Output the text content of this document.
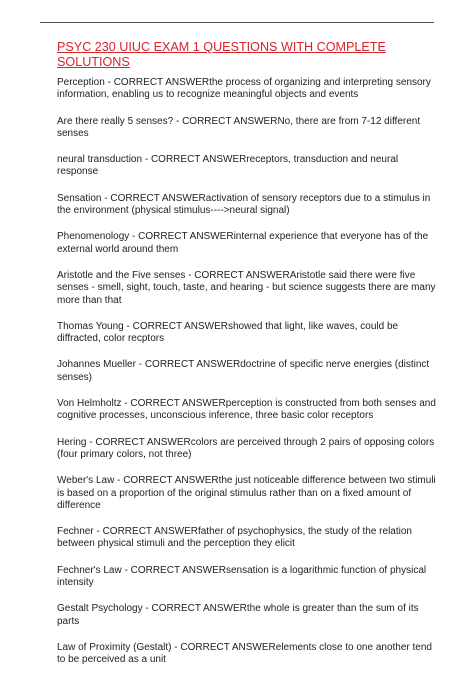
PSYC 230 UIUC EXAM 1 QUESTIONS WITH COMPLETE SOLUTIONS
Perception - CORRECT ANSWERthe process of organizing and interpreting sensory information, enabling us to recognize meaningful objects and events
Are there really 5 senses? - CORRECT ANSWERNo, there are from 7-12 different senses
neural transduction - CORRECT ANSWERreceptors, transduction and neural response
Sensation - CORRECT ANSWERactivation of sensory receptors due to a stimulus in the environment (physical stimulus---->neural signal)
Phenomenology - CORRECT ANSWERinternal experience that everyone has of the external world around them
Aristotle and the Five senses - CORRECT ANSWERAristotle said there were five senses - smell, sight, touch, taste, and hearing - but science suggests there are many more than that
Thomas Young - CORRECT ANSWERshowed that light, like waves, could be diffracted, color recptors
Johannes Mueller - CORRECT ANSWERdoctrine of specific nerve energies (distinct senses)
Von Helmholtz - CORRECT ANSWERperception is constructed from both senses and cognitive processes, unconscious inference, three basic color receptors
Hering - CORRECT ANSWERcolors are perceived through 2 pairs of opposing colors (four primary colors, not three)
Weber's Law - CORRECT ANSWERthe just noticeable difference between two stimuli is based on a proportion of the original stimulus rather than on a fixed amount of difference
Fechner - CORRECT ANSWERfather of psychophysics, the study of the relation between physical stimuli and the perception they elicit
Fechner's Law - CORRECT ANSWERsensation is a logarithmic function of physical intensity
Gestalt Psychology - CORRECT ANSWERthe whole is greater than the sum of its parts
Law of Proximity (Gestalt) - CORRECT ANSWERelements close to one another tend to be perceived as a unit
